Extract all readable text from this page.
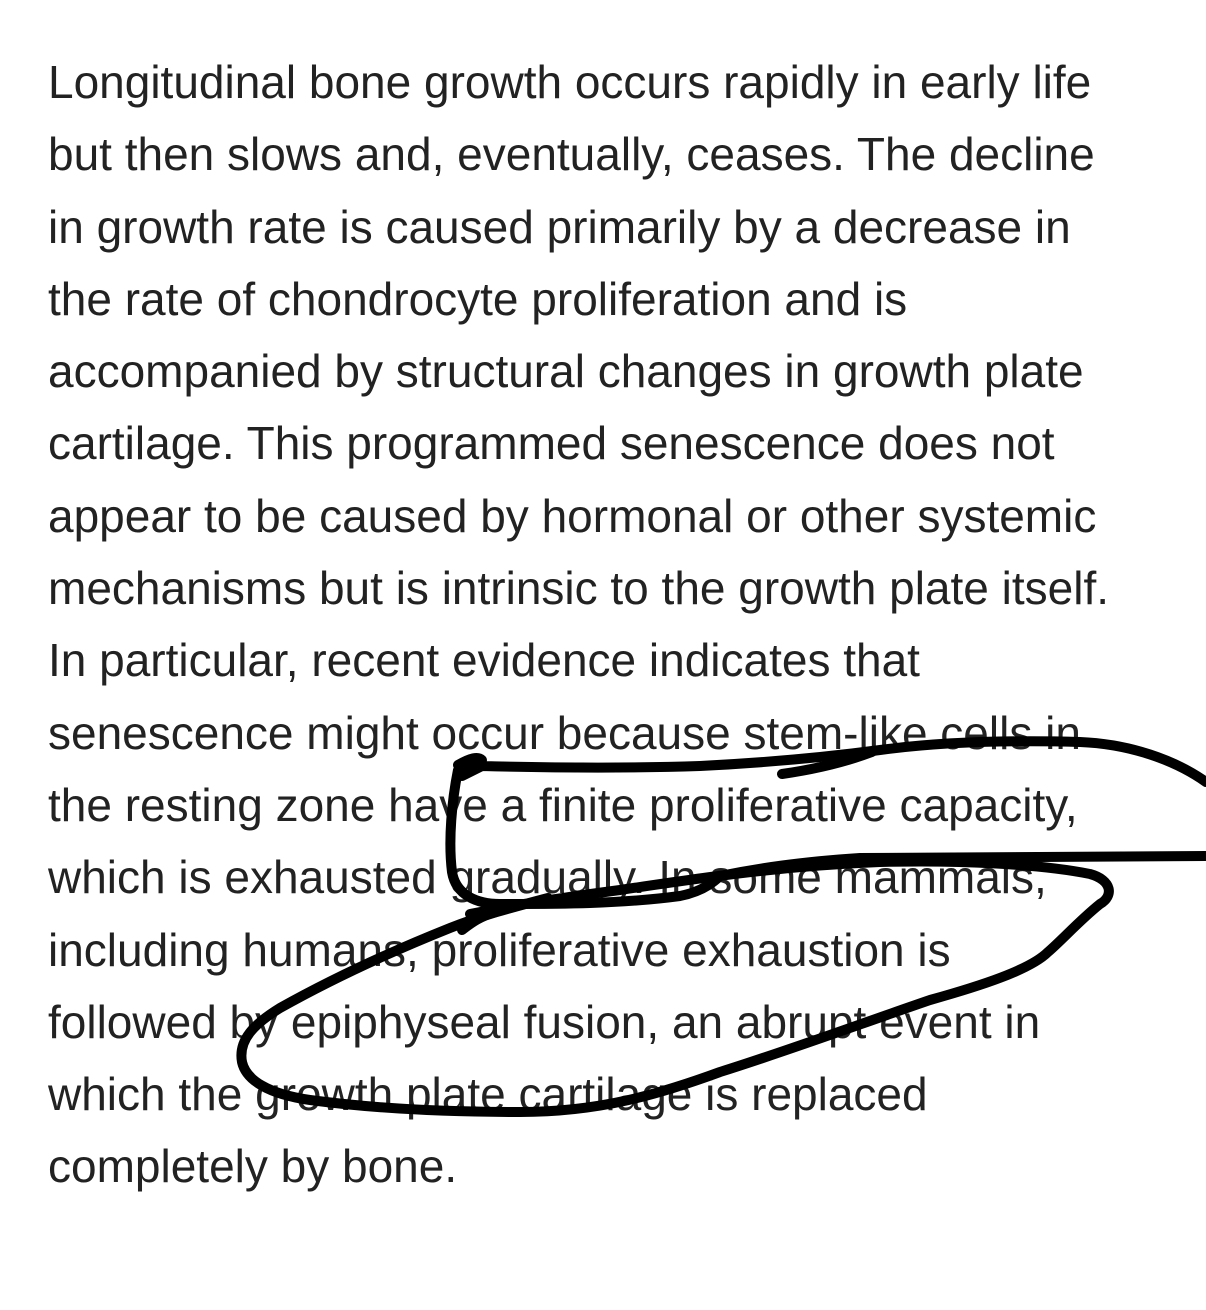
Longitudinal bone growth occurs rapidly in early life
but then slows and, eventually, ceases. The decline
in growth rate is caused primarily by a decrease in
the rate of chondrocyte proliferation and is
accompanied by structural changes in growth plate
cartilage. This programmed senescence does not
appear to be caused by hormonal or other systemic
mechanisms but is intrinsic to the growth plate itself.
In particular, recent evidence indicates that
senescence might occur because stem-like cells in
the resting zone have a finite proliferative capacity,
which is exhausted gradually. In some mammals,
including humans, proliferative exhaustion is
followed by epiphyseal fusion, an abrupt event in
which the growth plate cartilage is replaced
completely by bone.
